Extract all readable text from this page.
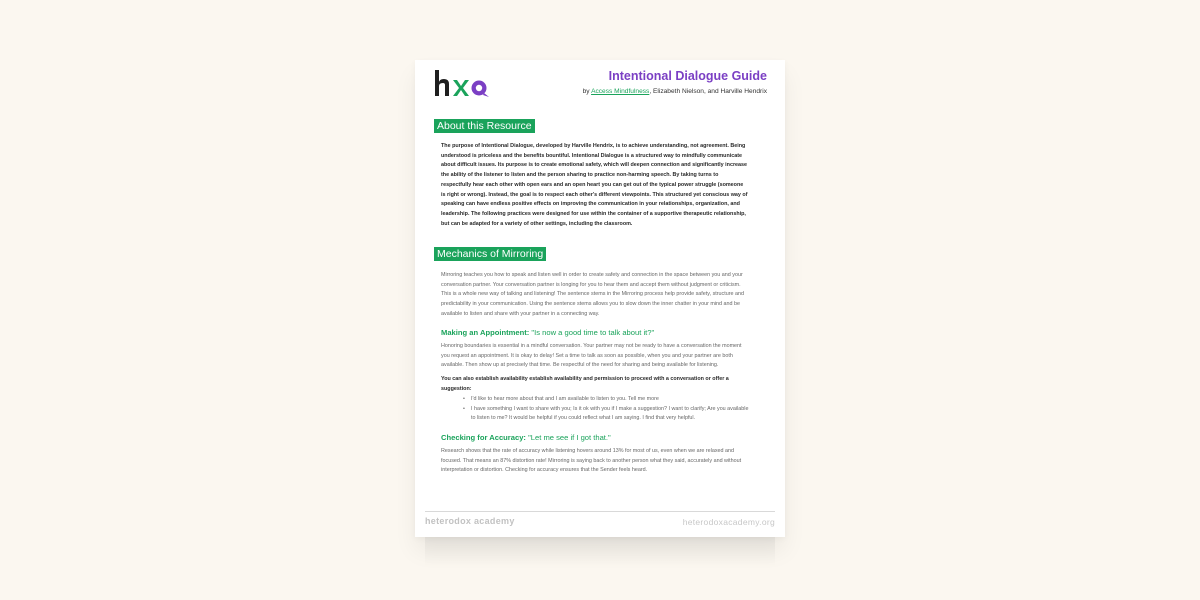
Intentional Dialogue Guide
by Access Mindfulness, Elizabeth Nielson, and Harville Hendrix
About this Resource
The purpose of Intentional Dialogue, developed by Harville Hendrix, is to achieve understanding, not agreement. Being understood is priceless and the benefits bountiful. Intentional Dialogue is a structured way to mindfully communicate about difficult issues. Its purpose is to create emotional safety, which will deepen connection and significantly increase the ability of the listener to listen and the person sharing to practice non-harming speech. By taking turns to respectfully hear each other with open ears and an open heart you can get out of the typical power struggle (someone is right or wrong). Instead, the goal is to respect each other's different viewpoints. This structured yet conscious way of speaking can have endless positive effects on improving the communication in your relationships, organization, and leadership. The following practices were designed for use within the container of a supportive therapeutic relationship, but can be adapted for a variety of other settings, including the classroom.
Mechanics of Mirroring
Mirroring teaches you how to speak and listen well in order to create safety and connection in the space between you and your conversation partner. Your conversation partner is longing for you to hear them and accept them without judgment or criticism. This is a whole new way of talking and listening! The sentence stems in the Mirroring process help provide safety, structure and predictability in your communication. Using the sentence stems allows you to slow down the inner chatter in your mind and be available to listen and share with your partner in a connecting way.
Making an Appointment: "Is now a good time to talk about it?"
Honoring boundaries is essential in a mindful conversation. Your partner may not be ready to have a conversation the moment you request an appointment. It is okay to delay! Set a time to talk as soon as possible, when you and your partner are both available. Then show up at precisely that time. Be respectful of the need for sharing and being available for listening.
You can also establish availability establish availability and permission to proceed with a conversation or offer a suggestion:
• I'd like to hear more about that and I am available to listen to you. Tell me more
• I have something I want to share with you; Is it ok with you if I make a suggestion? I want to clarify; Are you available to listen to me? It would be helpful if you could reflect what I am saying. I find that very helpful.
Checking for Accuracy: "Let me see if I got that."
Research shows that the rate of accuracy while listening hovers around 13% for most of us, even when we are relaxed and focused. That means an 87% distortion rate! Mirroring is saying back to another person what they said, accurately and without interpretation or distortion. Checking for accuracy ensures that the Sender feels heard.
heterodox academy	heterodoxacademy.org
